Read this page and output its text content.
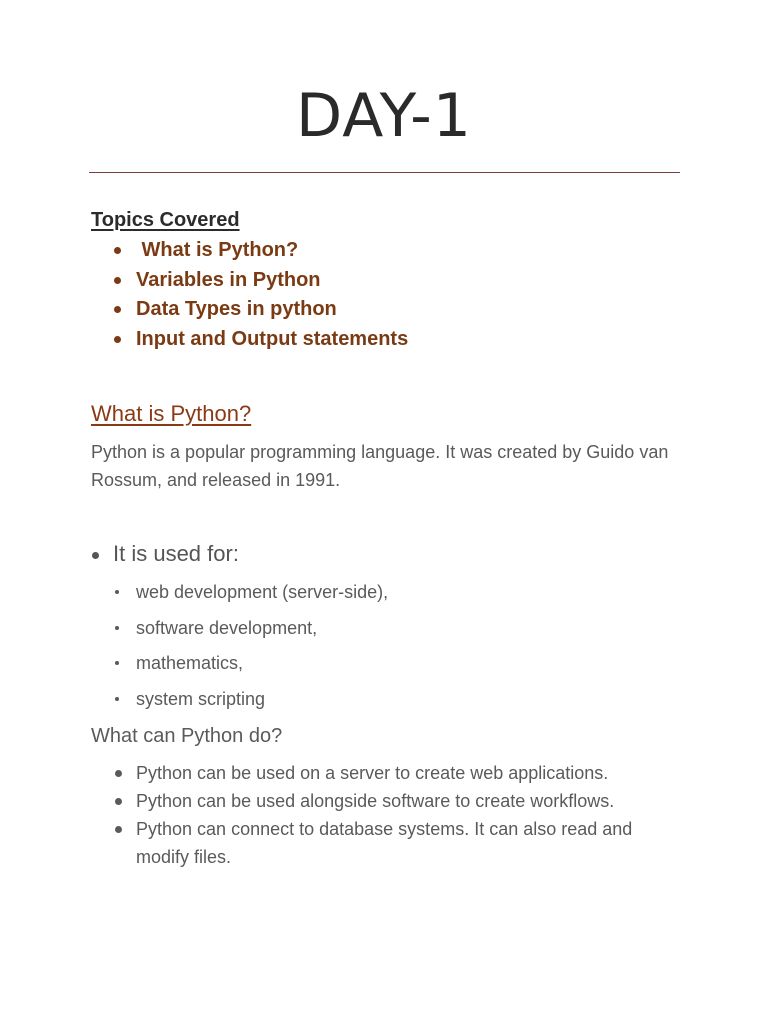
DAY-1
Topics Covered
What is Python?
Variables in Python
Data Types in python
Input and Output statements
What is Python?

Python is a popular programming language. It was created by Guido van Rossum, and released in 1991.

It is used for:
web development (server-side),
software development,
mathematics,
system scripting
What can Python do?
Python can be used on a server to create web applications.
Python can be used alongside software to create workflows.
Python can connect to database systems. It can also read and modify files.
